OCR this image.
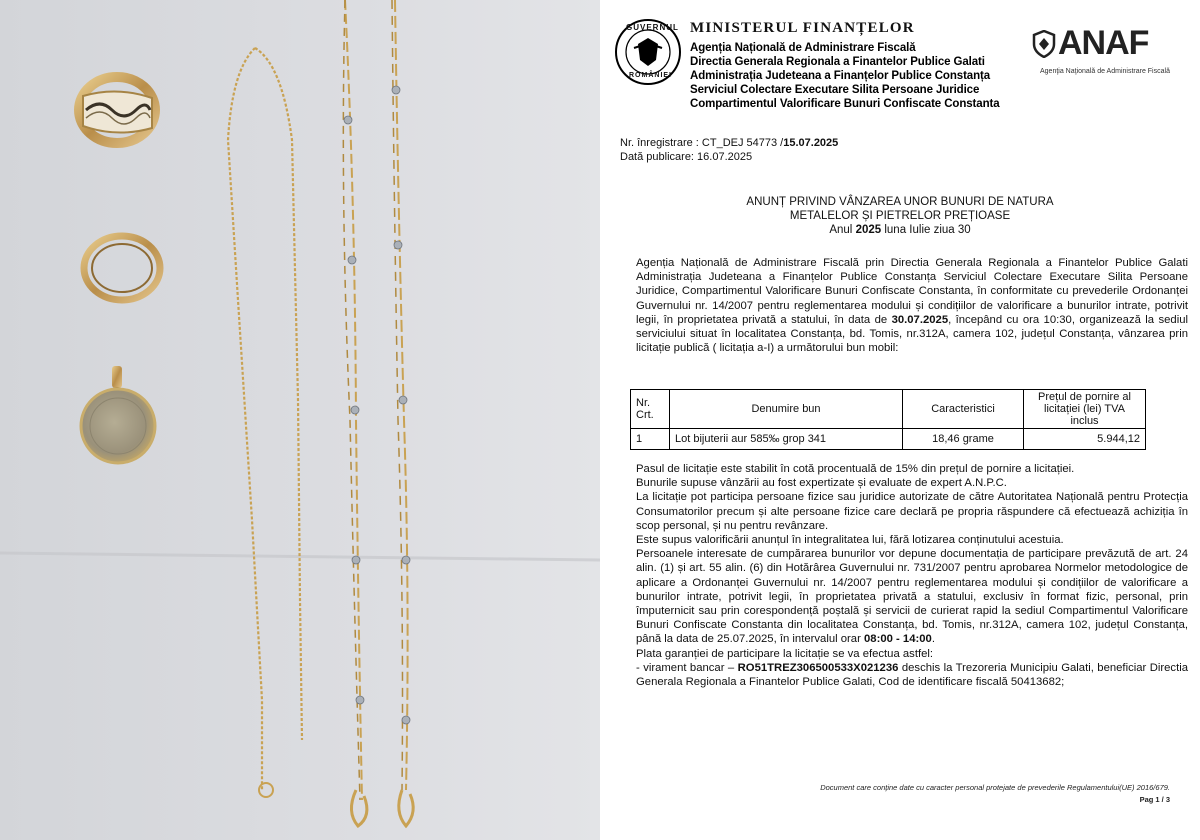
GUVERNUL
ROMÂNIEI
MINISTERUL FINANȚELOR
Agenția Națională de Administrare Fiscală
Directia Generala Regionala a Finantelor Publice Galati
Administrația Judeteana a Finanțelor Publice Constanța
Serviciul Colectare Executare Silita Persoane Juridice
Compartimentul Valorificare Bunuri Confiscate Constanta
ANAF
Agenţia Naţională de Administrare Fiscală
Nr. înregistrare : CT_DEJ 54773 /15.07.2025
Dată publicare: 16.07.2025
ANUNȚ PRIVIND VÂNZAREA UNOR BUNURI DE NATURA
METALELOR ȘI PIETRELOR PREȚIOASE
Anul 2025 luna Iulie ziua 30
Agenția Națională de Administrare Fiscală prin Directia Generala Regionala a Finantelor Publice Galati Administrația Judeteana a Finanțelor Publice Constanța Serviciul Colectare Executare Silita Persoane Juridice, Compartimentul Valorificare Bunuri Confiscate Constanta, în conformitate cu prevederile Ordonanței Guvernului nr. 14/2007 pentru reglementarea modului și condițiilor de valorificare a bunurilor intrate, potrivit legii, în proprietatea privată a statului, în data de 30.07.2025, începând cu ora 10:30, organizează la sediul serviciului situat în localitatea Constanța, bd. Tomis, nr.312A, camera 102, județul Constanța, vânzarea prin licitație publică ( licitația a-I) a următorului bun mobil:
Nr. Crt.	Denumire bun	Caracteristici	Prețul de pornire al licitației (lei) TVA inclus
1	Lot bijuterii aur 585‰ grop 341	18,46 grame	5.944,12
Pasul de licitație este stabilit în cotă procentuală de 15% din prețul de pornire a licitației.
Bunurile supuse vânzării au fost expertizate și evaluate de expert A.N.P.C.
La licitație pot participa persoane fizice sau juridice autorizate de către Autoritatea Națională pentru Protecția Consumatorilor precum și alte persoane fizice care declară pe propria răspundere că efectuează achiziția în scop personal, și nu pentru revânzare.
Este supus valorificării anunțul în integralitatea lui, fără lotizarea conținutului acestuia.
Persoanele interesate de cumpărarea bunurilor vor depune documentația de participare prevăzută de art. 24 alin. (1) și art. 55 alin. (6) din Hotărârea Guvernului nr. 731/2007 pentru aprobarea Normelor metodologice de aplicare a Ordonanței Guvernului nr. 14/2007 pentru reglementarea modului și condițiilor de valorificare a bunurilor intrate, potrivit legii, în proprietatea privată a statului, exclusiv în format fizic, personal, prin împuternicit sau prin corespondență poștală și servicii de curierat rapid la sediul Compartimentul Valorificare Bunuri Confiscate Constanta din localitatea Constanța, bd. Tomis, nr.312A, camera 102, județul Constanța, până la data de 25.07.2025, în intervalul orar 08:00 - 14:00.
Plata garanției de participare la licitație se va efectua astfel:
- virament bancar – RO51TREZ306500533X021236 deschis la Trezoreria Municipiu Galati, beneficiar Directia Generala Regionala a Finantelor Publice Galati, Cod de identificare fiscală 50413682;
Document care conține date cu caracter personal protejate de prevederile Regulamentului(UE) 2016/679.
Pag 1 / 3
